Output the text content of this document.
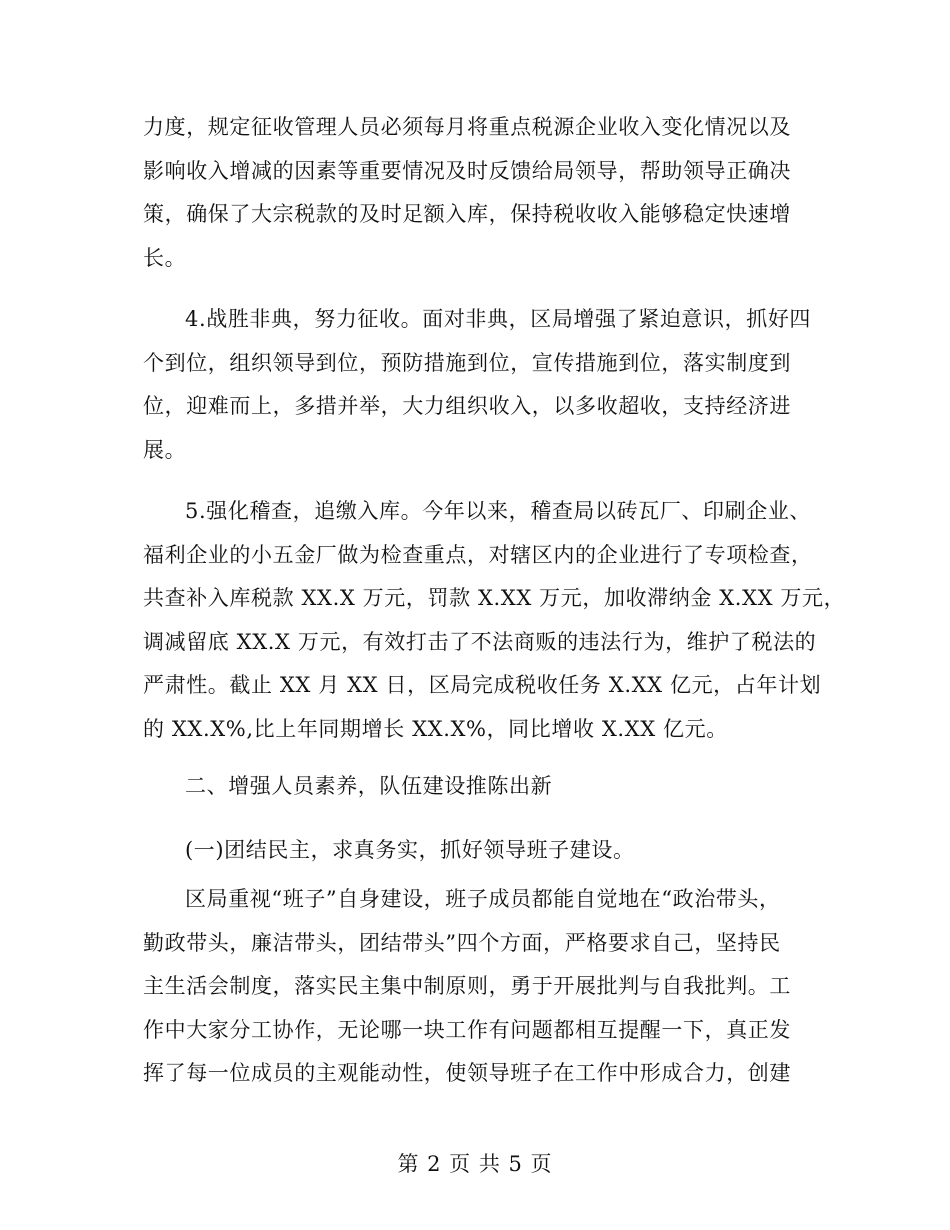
力度，规定征收管理人员必须每月将重点税源企业收入变化情况以及
影响收入增减的因素等重要情况及时反馈给局领导，帮助领导正确决
策，确保了大宗税款的及时足额入库，保持税收收入能够稳定快速增
长。
4.战胜非典，努力征收。面对非典，区局增强了紧迫意识，抓好四
个到位，组织领导到位，预防措施到位，宣传措施到位，落实制度到
位，迎难而上，多措并举，大力组织收入，以多收超收，支持经济进
展。
5.强化稽查，追缴入库。今年以来，稽查局以砖瓦厂、印刷企业、
福利企业的小五金厂做为检查重点，对辖区内的企业进行了专项检查，
共查补入库税款 XX.X 万元，罚款 X.XX 万元，加收滞纳金 X.XX 万元，
调减留底 XX.X 万元，有效打击了不法商贩的违法行为，维护了税法的
严肃性。截止 XX 月 XX 日，区局完成税收任务 X.XX 亿元，占年计划
的 XX.X%,比上年同期增长 XX.X%，同比增收 X.XX 亿元。
二、增强人员素养，队伍建设推陈出新
(一)团结民主，求真务实，抓好领导班子建设。
区局重视“班子”自身建设，班子成员都能自觉地在“政治带头，
勤政带头，廉洁带头，团结带头”四个方面，严格要求自己，坚持民
主生活会制度，落实民主集中制原则，勇于开展批判与自我批判。工
作中大家分工协作，无论哪一块工作有问题都相互提醒一下，真正发
挥了每一位成员的主观能动性，使领导班子在工作中形成合力，创建
第 2 页 共 5 页
